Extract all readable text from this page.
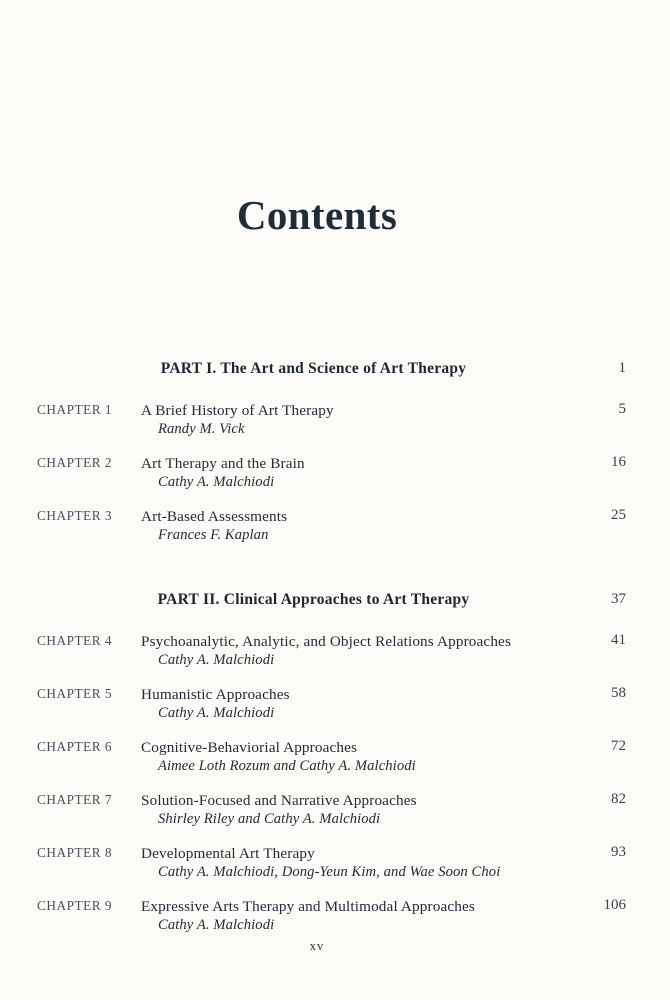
Contents
PART I. The Art and Science of Art Therapy	1
CHAPTER 1 A Brief History of Art Therapy
Randy M. Vick
5
CHAPTER 2 Art Therapy and the Brain
Cathy A. Malchiodi
16
CHAPTER 3 Art-Based Assessments
Frances F. Kaplan
25
PART II. Clinical Approaches to Art Therapy	37
CHAPTER 4 Psychoanalytic, Analytic, and Object Relations Approaches
Cathy A. Malchiodi
41
CHAPTER 5 Humanistic Approaches
Cathy A. Malchiodi
58
CHAPTER 6 Cognitive-Behaviorial Approaches
Aimee Loth Rozum and Cathy A. Malchiodi
72
CHAPTER 7 Solution-Focused and Narrative Approaches
Shirley Riley and Cathy A. Malchiodi
82
CHAPTER 8 Developmental Art Therapy
Cathy A. Malchiodi, Dong-Yeun Kim, and Wae Soon Choi
93
CHAPTER 9 Expressive Arts Therapy and Multimodal Approaches
Cathy A. Malchiodi
106
xv
